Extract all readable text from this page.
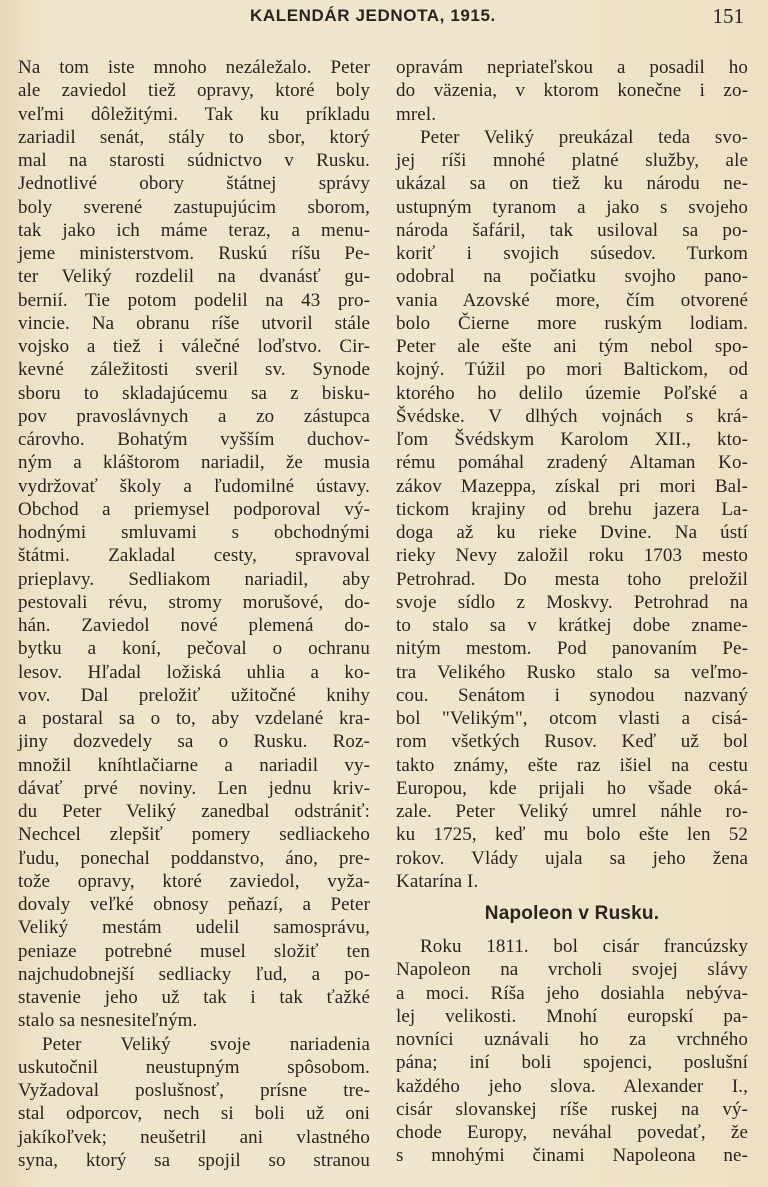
KALENDÁR JEDNOTA, 1915.	151
Na tom iste mnoho nezáležalo. Peter
ale zaviedol tiež opravy, ktoré boly
veľmi dôležitými. Tak ku príkladu
zariadil senát, stály to sbor, ktorý
mal na starosti súdnictvo v Rusku.
Jednotlivé obory štátnej správy
boly sverené zastupujúcim sborom,
tak jako ich máme teraz, a menu-
jeme ministerstvom. Ruskú ríšu Pe-
ter Veliký rozdelil na dvanásť gu-
bernií. Tie potom podelil na 43 pro-
vincie. Na obranu ríše utvoril stále
vojsko a tiež i válečné loďstvo. Cir-
kevné záležitosti sveril sv. Synode
sboru to skladajúcemu sa z bisku-
pov pravoslávnych a zo zástupca
cárovho. Bohatým vyšším duchov-
ným a kláštorom nariadil, že musia
vydržovať školy a ľudomilné ústavy.
Obchod a priemysel podporoval vý-
hodnými smluvami s obchodnými
štátmi. Zakladal cesty, spravoval
prieplavy. Sedliakom nariadil, aby
pestovali révu, stromy morušové, do-
hán. Zaviedol nové plemená do-
bytku a koní, pečoval o ochranu
lesov. Hľadal ložiská uhlia a ko-
vov. Dal preložiť užitočné knihy
a postaral sa o to, aby vzdelané kra-
jiny dozvedely sa o Rusku. Roz-
množil kníhtlačiarne a nariadil vy-
dávať prvé noviny. Len jednu kriv-
du Peter Veliký zanedbal odstrániť:
Nechcel zlepšiť pomery sedliackeho
ľudu, ponechal poddanstvo, áno, pre-
tože opravy, ktoré zaviedol, vyža-
dovaly veľké obnosy peňazí, a Peter
Veliký mestám udelil samosprávu,
peniaze potrebné musel složiť ten
najchudobnejší sedliacky ľud, a po-
stavenie jeho už tak i tak ťažké
stalo sa nesnesiteľným.
Peter Veliký svoje nariadenia
uskutočnil neustupným spôsobom.
Vyžadoval poslušnosť, prísne tre-
stal odporcov, nech si boli už oni
jakíkoľvek; neušetril ani vlastného
syna, ktorý sa spojil so stranou
opravám nepriateľskou a posadil ho
do väzenia, v ktorom konečne i zo-
mrel.
Peter Veliký preukázal teda svo-
jej ríši mnohé platné služby, ale
ukázal sa on tiež ku národu ne-
ustupným tyranom a jako s svojeho
národa šafáril, tak usiloval sa po-
koriť i svojich súsedov. Turkom
odobral na počiatku svojho pano-
vania Azovské more, čím otvorené
bolo Čierne more ruským lodiam.
Peter ale ešte ani tým nebol spo-
kojný. Túžil po mori Baltickom, od
ktorého ho delilo územie Poľské a
Švédske. V dlhých vojnách s krá-
ľom Švédskym Karolom XII., kto-
rému pomáhal zradený Altaman Ko-
zákov Mazeppa, získal pri mori Bal-
tickom krajiny od brehu jazera La-
doga až ku rieke Dvine. Na ústí
rieky Nevy založil roku 1703 mesto
Petrohrad. Do mesta toho preložil
svoje sídlo z Moskvy. Petrohrad na
to stalo sa v krátkej dobe zname-
nitým mestom. Pod panovaním Pe-
tra Velikého Rusko stalo sa veľmo-
cou. Senátom i synodou nazvaný
bol "Velikým", otcom vlasti a cisá-
rom všetkých Rusov. Keď už bol
takto známy, ešte raz išiel na cestu
Europou, kde prijali ho všade oká-
zale. Peter Veliký umrel náhle ro-
ku 1725, keď mu bolo ešte len 52
rokov. Vlády ujala sa jeho žena
Katarína I.
Napoleon v Rusku.
Roku 1811. bol cisár francúzsky
Napoleon na vrcholi svojej slávy
a moci. Ríša jeho dosiahla nebýva-
lej velikosti. Mnohí europskí pa-
novníci uznávali ho za vrchného
pána; iní boli spojenci, poslušní
každého jeho slova. Alexander I.,
cisár slovanskej ríše ruskej na vý-
chode Europy, neváhal povedať, že
s mnohými činami Napoleona ne-
